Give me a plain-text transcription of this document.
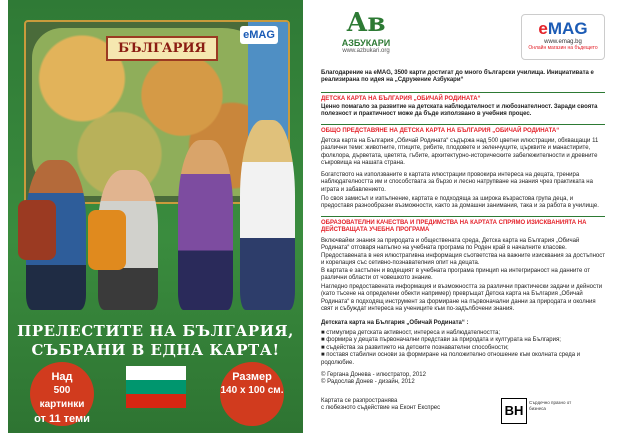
БЪЛГАРИЯ
eMAG
ПРЕЛЕСТИТЕ НА БЪЛГАРИЯ,
СЪБРАНИ В ЕДНА КАРТА!
Над
500 картинки
от 11 теми
Размер
140 х 100 см.
Ав
АЗБУКАРИ
www.azbukari.org
eMAG
www.emag.bg
Онлайн магазин на бъдещето
Благодарение на eMAG, 3500 карти достигат до много български училища. Инициативата е реализирана по идея на „Сдружение Азбукари“
ДЕТСКА КАРТА НА БЪЛГАРИЯ „ОБИЧАЙ РОДИНАТА“
Ценно помагало за развитие на детската наблюдателност и любознателност. Заради своята полезност и практичност може да бъде използвано в учебния процес.
ОБЩО ПРЕДСТАВЯНЕ НА ДЕТСКА КАРТА НА БЪЛГАРИЯ „ОБИЧАЙ РОДИНАТА“
Детска карта на България „Обичай Родината“ съдържа над 500 цветни илюстрации, обхващащи 11 различни теми: животните, птиците, рибите, плодовете и зеленчуците, църквите и манастирите, фолклора, дърветата, цветята, гъбите, архитектурно-историческите забележителности и древните съкровища на нашата страна.
Богатството на използваните в картата илюстрации провокира интереса на децата, тренира наблюдателността им и способствата за бързо и лесно натрупване на знания чрез практиката на играта и забавлението.
По своя замисъл и изпълнение, картата е подходяща за широка възрастова група деца, и предоставя разнообразни възможности, както за домашни занимания, така и за работа в училище.
ОБРАЗОВАТЕЛНИ КАЧЕСТВА И ПРЕДИМСТВА НА КАРТАТА СПРЯМО ИЗИСКВАНИЯТА НА ДЕЙСТВАЩАТА УЧЕБНА ПРОГРАМА
Включвайки знания за природата и обществената среда, Детска карта на България „Обичай Родината“ отговаря напълно на учебната програма по Роден край в началните класове. Предоставената в нея илюстративна информация съответства на важните изисквания за достъпност и корелация със сетивно-познавателния опит на децата.
В картата е застъпен и водещият в учебната програма принцип на интегрираност на данните от различни области от човешкото знание.
Нагледно предоставената информация и възможността за различни практически задачи и дейности (като тъсене на определени обекти например) превръщат Детска карта на България „Обичай Родината“ в подходящ инструмент за формиране на първоначални данни за природата и околния свят и събуждат интереса на учениците към по-задълбочени знания.
Детската карта на България „Обичай Родината“ :
■ стимулира детската активност, интереса и наблюдателността;
■ формира у децата първоначални представи за природата и културата на България;
■ съдейства за развитието на детските познавателни способности;
■ поставя стабилни основи за формиране на положително отношение към околната среда и родолюбие.
© Гергана Донева - илюстратор, 2012
© Радослав Донев - дизайн, 2012
Картата се разпространява
с любезното съдействие на Еконт Експрес	BH
Сърдечно празно от бизнеса
